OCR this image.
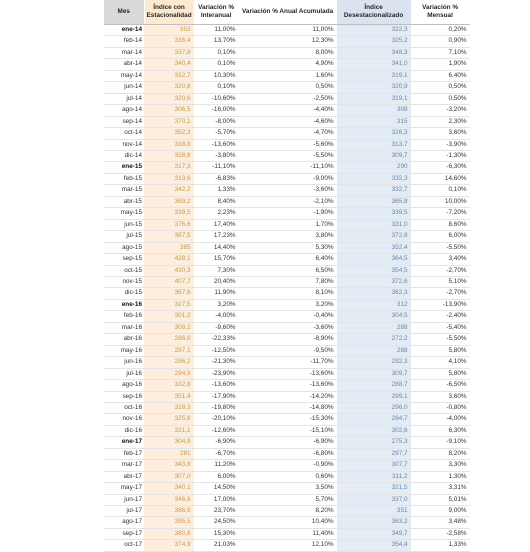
Mes	Índice con Estacionalidad	Variación % Interanual	Variación % Anual Acumulada	Índice Desestacionalizado	Variación % Mensual
ene-14	353	11,00%	11,00%	322,3	0,20%
feb-14	336,4	13,70%	12,30%	325,2	0,90%
mar-14	337,8	0,10%	8,00%	348,3	7,10%
abr-14	340,4	0,10%	4,90%	341,0	1,90%
may-14	332,7	10,30%	1,60%	319,1	6,40%
jun-14	320,8	0,10%	0,50%	320,9	0,50%
jul-14	320,6	-10,60%	-2,50%	319,1	0,50%
ago-14	306,5	-16,00%	-4,40%	308	-3,20%
sep-14	370,1	-8,00%	-4,60%	315	2,30%
oct-14	352,3	-5,70%	-4,70%	326,3	3,60%
nov-14	338,8	-13,60%	-5,60%	313,7	-3,90%
dic-14	328,6	-3,80%	-5,50%	309,7	-1,30%
ene-15	317,3	-11,10%	-11,10%	290	-6,30%
feb-15	313,6	-6,83%	-9,00%	332,3	14,60%
mar-15	342,2	1,33%	-3,60%	332,7	0,10%
abr-15	369,2	8,40%	-2,10%	365,8	10,00%
may-15	339,5	2,23%	-1,90%	339,5	-7,20%
jun-15	376,6	17,40%	1,70%	331,0	8,60%
jul-15	387,5	17,23%	3,80%	372,8	6,00%
ago-15	385	14,40%	5,30%	352,4	-5,50%
sep-15	428,1	15,70%	6,40%	364,5	3,40%
oct-15	430,3	7,30%	6,50%	354,5	-2,70%
nov-15	407,7	20,40%	7,80%	372,6	5,10%
dic-15	367,6	11,90%	8,10%	362,3	-2,70%
ene-16	327,5	3,20%	3,20%	312	-13,90%
feb-16	301,2	-4,00%	-0,40%	304,5	-2,40%
mar-16	309,2	-9,60%	-3,60%	288	-5,40%
abr-16	286,8	-22,33%	-8,90%	272,2	-5,50%
may-16	297,1	-12,50%	-9,50%	288	5,80%
jun-16	296,2	-21,30%	-11,70%	292,3	4,10%
jul-16	294,9	-23,90%	-13,60%	309,7	5,80%
ago-16	332,8	-13,60%	-13,60%	288,7	-6,50%
sep-16	351,4	-17,90%	-14,20%	299,1	3,60%
oct-16	329,3	-19,80%	-14,80%	296,0	-0,80%
nov-16	325,8	-20,10%	-15,30%	284,7	-4,00%
dic-16	321,1	-12,60%	-15,10%	302,6	6,30%
ene-17	304,9	-6,90%	-6,90%	275,3	-9,10%
feb-17	281	-6,70%	-6,80%	297,7	8,20%
mar-17	343,8	11,20%	-0,90%	307,7	3,30%
abr-17	307,0	6,00%	0,60%	311,2	1,30%
may-17	340,1	14,50%	3,50%	321,5	3,31%
jun-17	346,6	17,00%	5,70%	337,0	5,01%
jul-17	386,9	23,70%	8,20%	351	9,00%
ago-17	395,5	24,50%	10,40%	363,2	3,48%
sep-17	380,8	15,30%	11,40%	349,7	-2,58%
oct-17	374,9	21,03%	12,10%	354,4	1,33%
